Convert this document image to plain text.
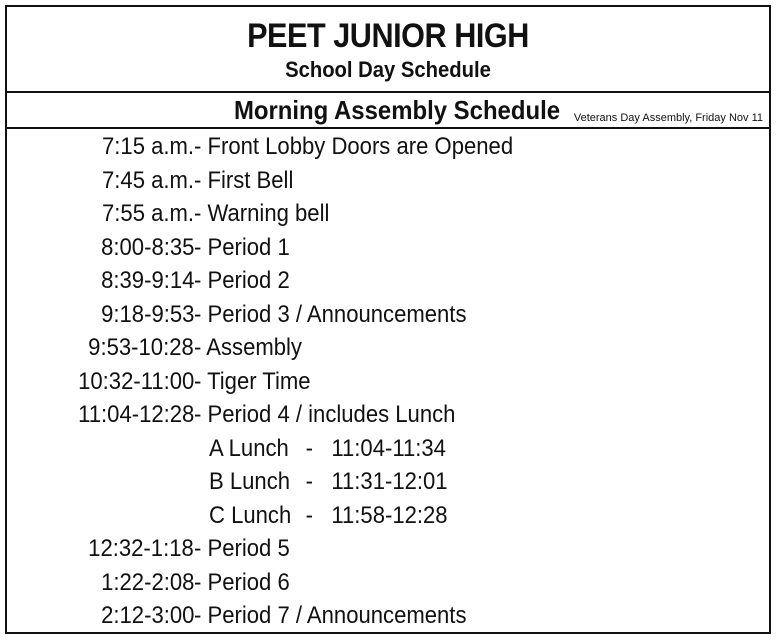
PEET JUNIOR HIGH
School Day Schedule
Morning Assembly Schedule	Veterans Day Assembly, Friday Nov 11
7:15 a.m. - Front Lobby Doors are Opened
7:45 a.m. - First Bell
7:55 a.m. - Warning bell
8:00-8:35 - Period 1
8:39-9:14 - Period 2
9:18-9:53 - Period 3 / Announcements
9:53-10:28 - Assembly
10:32-11:00 - Tiger Time
11:04-12:28 - Period 4 / includes Lunch
A Lunch - 11:04-11:34
B Lunch - 11:31-12:01
C Lunch - 11:58-12:28
12:32-1:18 - Period 5
1:22-2:08 - Period 6
2:12-3:00 - Period 7 / Announcements
